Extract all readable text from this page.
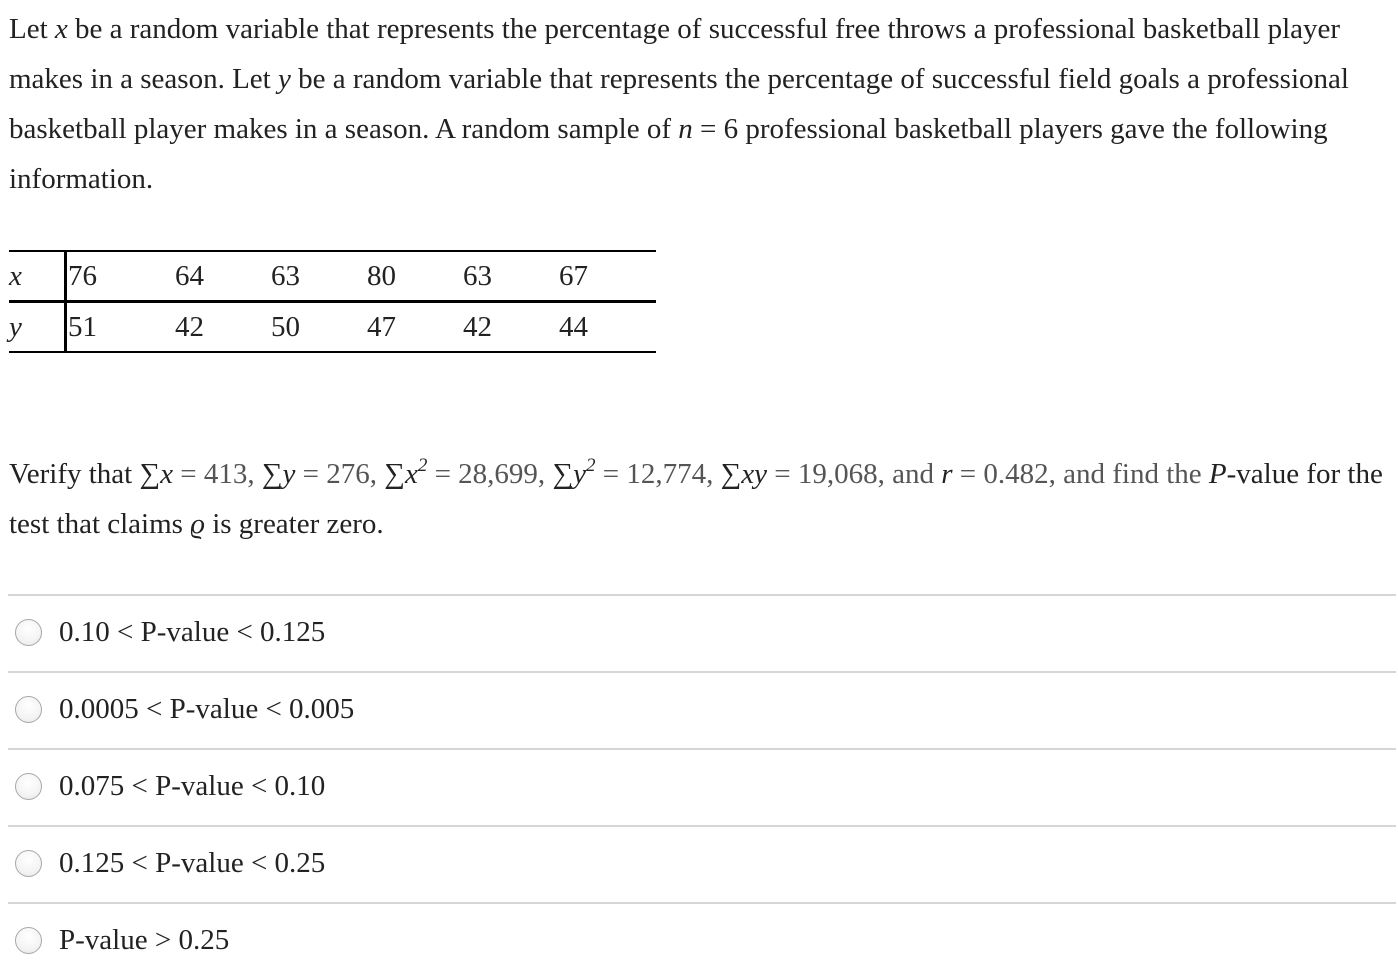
Let x be a random variable that represents the percentage of successful free throws a professional basketball player makes in a season. Let y be a random variable that represents the percentage of successful field goals a professional basketball player makes in a season. A random sample of n = 6 professional basketball players gave the following information.

x 76	64 63 80 63 67
y 51	42 50 47 42 44

Verify that ∑x = 413, ∑y = 276, $\sum x^2 = 28,699$, $\sum y^2 = 12,774$, ∑xy = 19,068, and r = 0.482, and find the P-value for the test that claims ϱ is greater zero.

0.10 < P-value < 0.125
0.0005 < P-value < 0.005
0.075 < P-value < 0.10
0.125 < P-value < 0.25
P-value > 0.25
